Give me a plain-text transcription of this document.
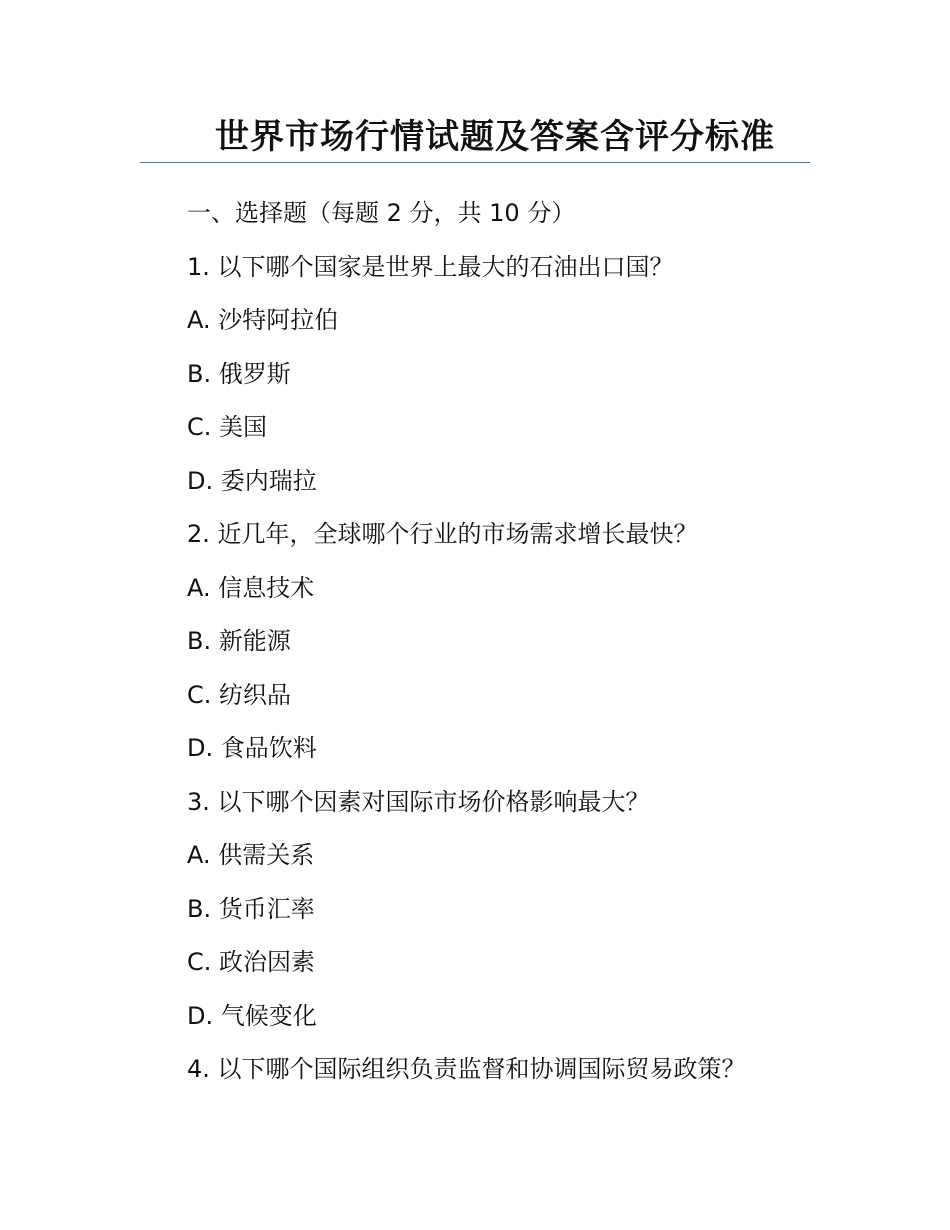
世界市场行情试题及答案含评分标准
一、选择题（每题 2 分，共 10 分）
1. 以下哪个国家是世界上最大的石油出口国？
A. 沙特阿拉伯
B. 俄罗斯
C. 美国
D. 委内瑞拉
2. 近几年，全球哪个行业的市场需求增长最快？
A. 信息技术
B. 新能源
C. 纺织品
D. 食品饮料
3. 以下哪个因素对国际市场价格影响最大？
A. 供需关系
B. 货币汇率
C. 政治因素
D. 气候变化
4. 以下哪个国际组织负责监督和协调国际贸易政策？
